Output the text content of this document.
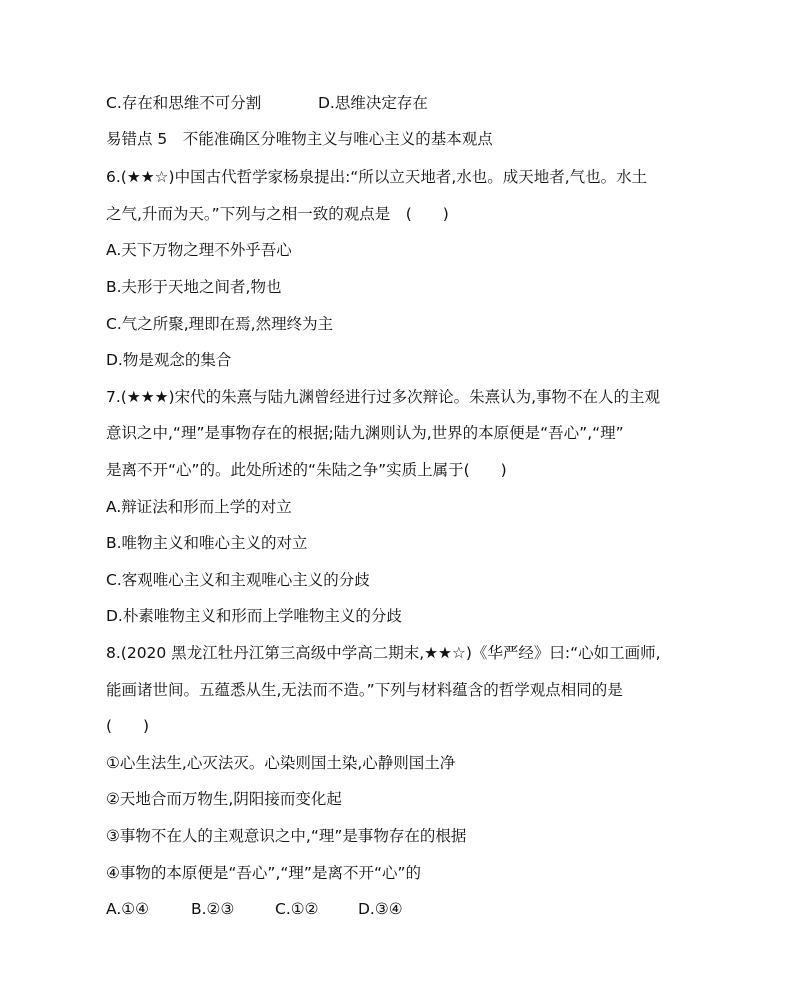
C.存在和思维不可分割	D.思维决定存在
易错点 5　不能准确区分唯物主义与唯心主义的基本观点
6.(★★☆)中国古代哲学家杨泉提出:“所以立天地者,水也。成天地者,气也。水土
之气,升而为天。”下列与之相一致的观点是　(　　)
A.天下万物之理不外乎吾心
B.夫形于天地之间者,物也
C.气之所聚,理即在焉,然理终为主
D.物是观念的集合
7.(★★★)宋代的朱熹与陆九渊曾经进行过多次辩论。朱熹认为,事物不在人的主观
意识之中,“理”是事物存在的根据;陆九渊则认为,世界的本原便是“吾心”,“理”
是离不开“心”的。此处所述的“朱陆之争”实质上属于(　　)
A.辩证法和形而上学的对立
B.唯物主义和唯心主义的对立
C.客观唯心主义和主观唯心主义的分歧
D.朴素唯物主义和形而上学唯物主义的分歧
8.(2020 黑龙江牡丹江第三高级中学高二期末,★★☆)《华严经》曰:“心如工画师,
能画诸世间。五蕴悉从生,无法而不造。”下列与材料蕴含的哲学观点相同的是
(　　)
①心生法生,心灭法灭。心染则国土染,心静则国土净
②天地合而万物生,阴阳接而变化起
③事物不在人的主观意识之中,“理”是事物存在的根据
④事物的本原便是“吾心”,“理”是离不开“心”的
A.①④	B.②③	C.①②	D.③④
